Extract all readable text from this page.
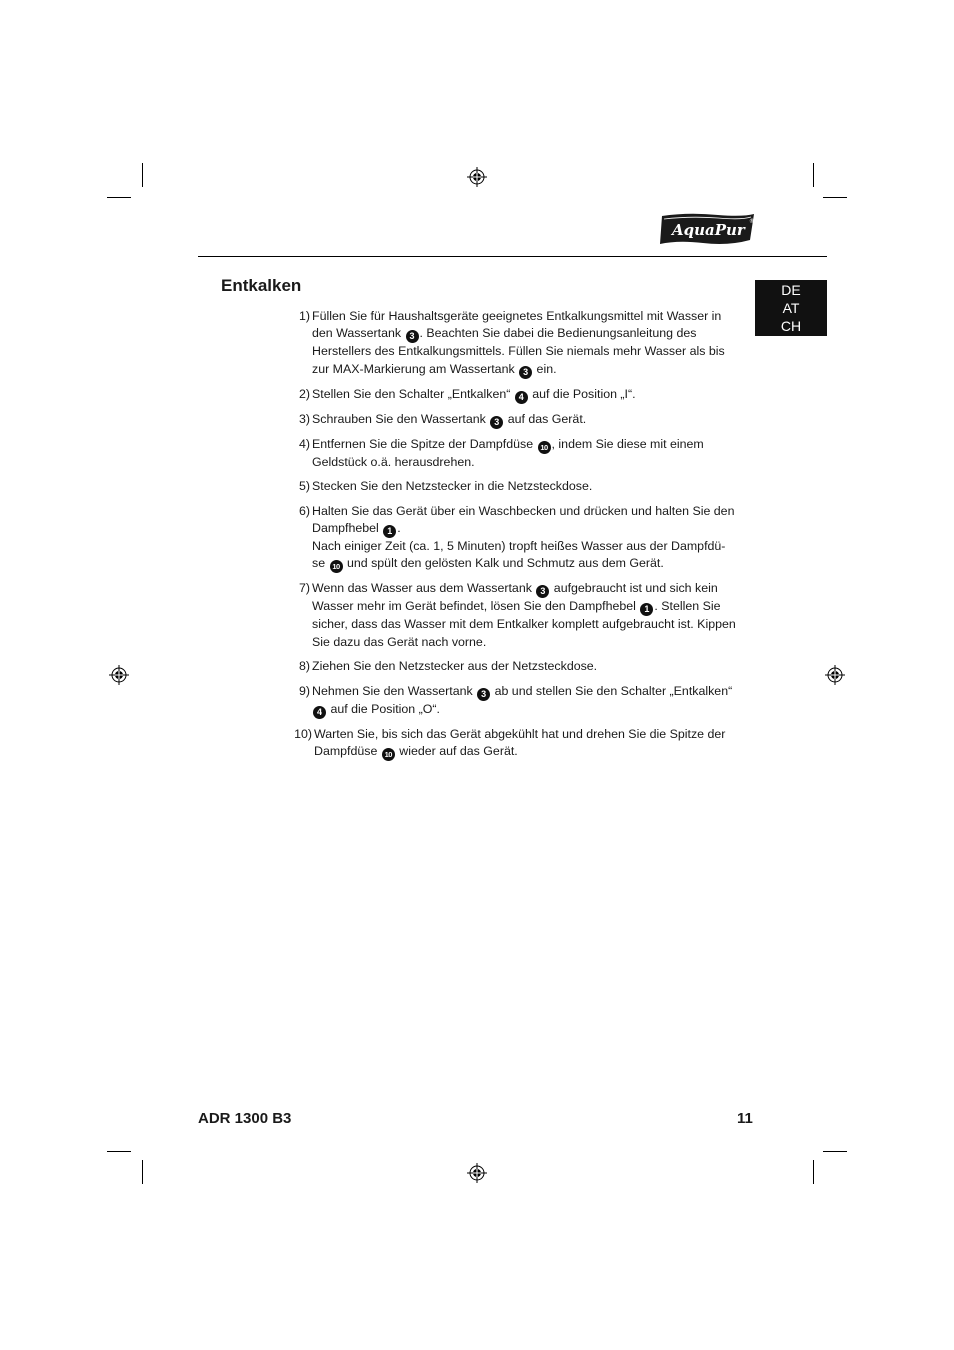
AquaPur ®
Entkalken	DE
AT
CH
1) Füllen Sie für Haushaltsgeräte geeignetes Entkalkungsmittel mit Wasser in den Wassertank 3 . Beachten Sie dabei die Bedienungsanleitung des Herstellers des Entkalkungsmittels. Füllen Sie niemals mehr Wasser als bis zur MAX-Markierung am Wassertank 3 ein.
2) Stellen Sie den Schalter „Entkalken“ 4 auf die Position „I“.
3) Schrauben Sie den Wassertank 3 auf das Gerät.
4) Entfernen Sie die Spitze der Dampfdüse 10 , indem Sie diese mit einem Geldstück o.ä. herausdrehen.
5) Stecken Sie den Netzstecker in die Netzsteckdose.
6) Halten Sie das Gerät über ein Waschbecken und drücken und halten Sie den Dampfhebel 1 .
Nach einiger Zeit (ca. 1, 5 Minuten) tropft heißes Wasser aus der Dampfdü-se 10 und spült den gelösten Kalk und Schmutz aus dem Gerät.
7) Wenn das Wasser aus dem Wassertank 3 aufgebraucht ist und sich kein Wasser mehr im Gerät befindet, lösen Sie den Dampfhebel 1 . Stellen Sie sicher, dass das Wasser mit dem Entkalker komplett aufgebraucht ist. Kippen Sie dazu das Gerät nach vorne.
8) Ziehen Sie den Netzstecker aus der Netzsteckdose.
9) Nehmen Sie den Wassertank 3 ab und stellen Sie den Schalter „Entkalken“ 4 auf die Position „O“.
10) Warten Sie, bis sich das Gerät abgekühlt hat und drehen Sie die Spitze der Dampfdüse 10 wieder auf das Gerät.
ADR 1300 B3	11
